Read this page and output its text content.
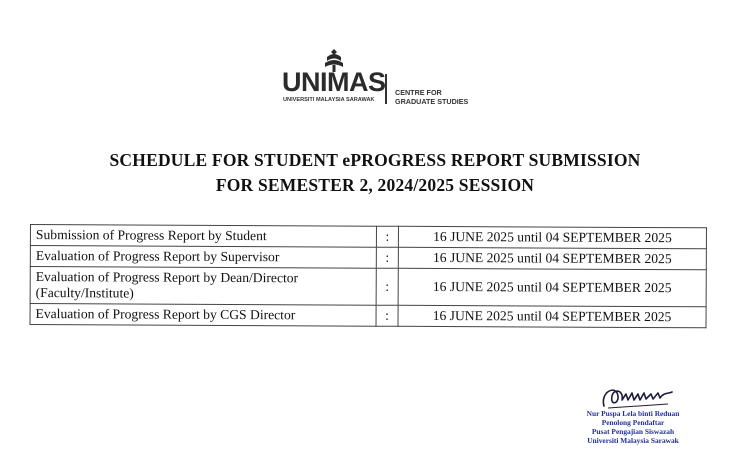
UNIMAS
UNIVERSITI MALAYSIA SARAWAK
CENTRE FOR
GRADUATE STUDIES
SCHEDULE FOR STUDENT ePROGRESS REPORT SUBMISSION
FOR SEMESTER 2, 2024/2025 SESSION
Submission of Progress Report by Student	:	16 JUNE 2025 until 04 SEPTEMBER 2025
Evaluation of Progress Report by Supervisor	:	16 JUNE 2025 until 04 SEPTEMBER 2025
Evaluation of Progress Report by Dean/Director (Faculty/Institute)	:	16 JUNE 2025 until 04 SEPTEMBER 2025
Evaluation of Progress Report by CGS Director	:	16 JUNE 2025 until 04 SEPTEMBER 2025
Nur Puspa Lela binti Reduan
Penolong Pendaftar
Pusat Pengajian Siswazah
Universiti Malaysia Sarawak
